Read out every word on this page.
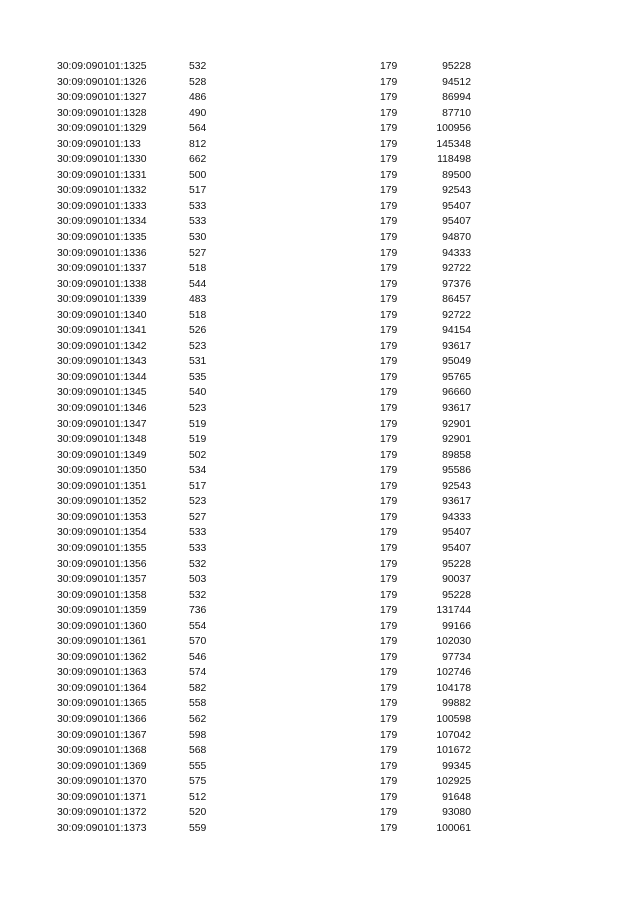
30:09:090101:1325	532	179	95228
30:09:090101:1326	528	179	94512
30:09:090101:1327	486	179	86994
30:09:090101:1328	490	179	87710
30:09:090101:1329	564	179	100956
30:09:090101:133	812	179	145348
30:09:090101:1330	662	179	118498
30:09:090101:1331	500	179	89500
30:09:090101:1332	517	179	92543
30:09:090101:1333	533	179	95407
30:09:090101:1334	533	179	95407
30:09:090101:1335	530	179	94870
30:09:090101:1336	527	179	94333
30:09:090101:1337	518	179	92722
30:09:090101:1338	544	179	97376
30:09:090101:1339	483	179	86457
30:09:090101:1340	518	179	92722
30:09:090101:1341	526	179	94154
30:09:090101:1342	523	179	93617
30:09:090101:1343	531	179	95049
30:09:090101:1344	535	179	95765
30:09:090101:1345	540	179	96660
30:09:090101:1346	523	179	93617
30:09:090101:1347	519	179	92901
30:09:090101:1348	519	179	92901
30:09:090101:1349	502	179	89858
30:09:090101:1350	534	179	95586
30:09:090101:1351	517	179	92543
30:09:090101:1352	523	179	93617
30:09:090101:1353	527	179	94333
30:09:090101:1354	533	179	95407
30:09:090101:1355	533	179	95407
30:09:090101:1356	532	179	95228
30:09:090101:1357	503	179	90037
30:09:090101:1358	532	179	95228
30:09:090101:1359	736	179	131744
30:09:090101:1360	554	179	99166
30:09:090101:1361	570	179	102030
30:09:090101:1362	546	179	97734
30:09:090101:1363	574	179	102746
30:09:090101:1364	582	179	104178
30:09:090101:1365	558	179	99882
30:09:090101:1366	562	179	100598
30:09:090101:1367	598	179	107042
30:09:090101:1368	568	179	101672
30:09:090101:1369	555	179	99345
30:09:090101:1370	575	179	102925
30:09:090101:1371	512	179	91648
30:09:090101:1372	520	179	93080
30:09:090101:1373	559	179	100061
